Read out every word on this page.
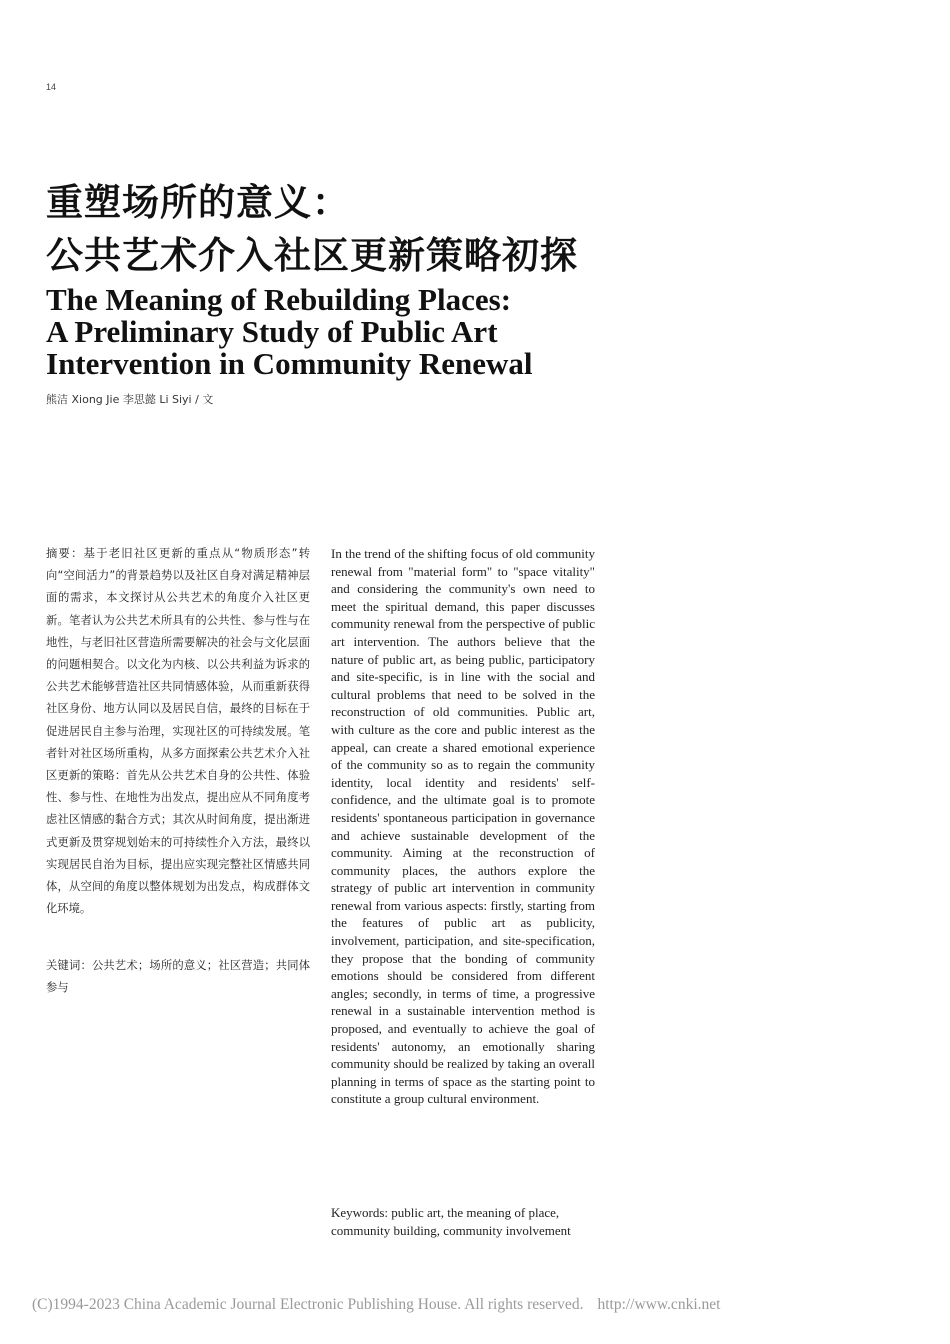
14
重塑场所的意义：
公共艺术介入社区更新策略初探
The Meaning of Rebuilding Places:
A Preliminary Study of Public Art
Intervention in Community Renewal
熊洁 Xiong Jie 李思懿 Li Siyi / 文
摘要：基于老旧社区更新的重点从“物质形态”转向“空间活力”的背景趋势以及社区自身对满足精神层面的需求，本文探讨从公共艺术的角度介入社区更新。笔者认为公共艺术所具有的公共性、参与性与在地性，与老旧社区营造所需要解决的社会与文化层面的问题相契合。以文化为内核、以公共利益为诉求的公共艺术能够营造社区共同情感体验，从而重新获得社区身份、地方认同以及居民自信，最终的目标在于促进居民自主参与治理，实现社区的可持续发展。笔者针对社区场所重构，从多方面探索公共艺术介入社区更新的策略：首先从公共艺术自身的公共性、体验性、参与性、在地性为出发点，提出应从不同角度考虑社区情感的黏合方式；其次从时间角度，提出渐进式更新及贯穿规划始末的可持续性介入方法，最终以实现居民自治为目标，提出应实现完整社区情感共同体，从空间的角度以整体规划为出发点，构成群体文化环境。
关键词：公共艺术；场所的意义；社区营造；共同体参与
In the trend of the shifting focus of old community renewal from "material form" to "space vitality" and considering the community's own need to meet the spiritual demand, this paper discusses community renewal from the perspective of public art intervention. The authors believe that the nature of public art, as being public, participatory and site-specific, is in line with the social and cultural problems that need to be solved in the reconstruction of old communities. Public art, with culture as the core and public interest as the appeal, can create a shared emotional experience of the community so as to regain the community identity, local identity and residents' self-confidence, and the ultimate goal is to promote residents' spontaneous participation in governance and achieve sustainable development of the community. Aiming at the reconstruction of community places, the authors explore the strategy of public art intervention in community renewal from various aspects: firstly, starting from the features of public art as publicity, involvement, participation, and site-specification, they propose that the bonding of community emotions should be considered from different angles; secondly, in terms of time, a progressive renewal in a sustainable intervention method is proposed, and eventually to achieve the goal of residents' autonomy, an emotionally sharing community should be realized by taking an overall planning in terms of space as the starting point to constitute a group cultural environment.
Keywords: public art, the meaning of place, community building, community involvement
(C)1994-2023 China Academic Journal Electronic Publishing House. All rights reserved. http://www.cnki.net
